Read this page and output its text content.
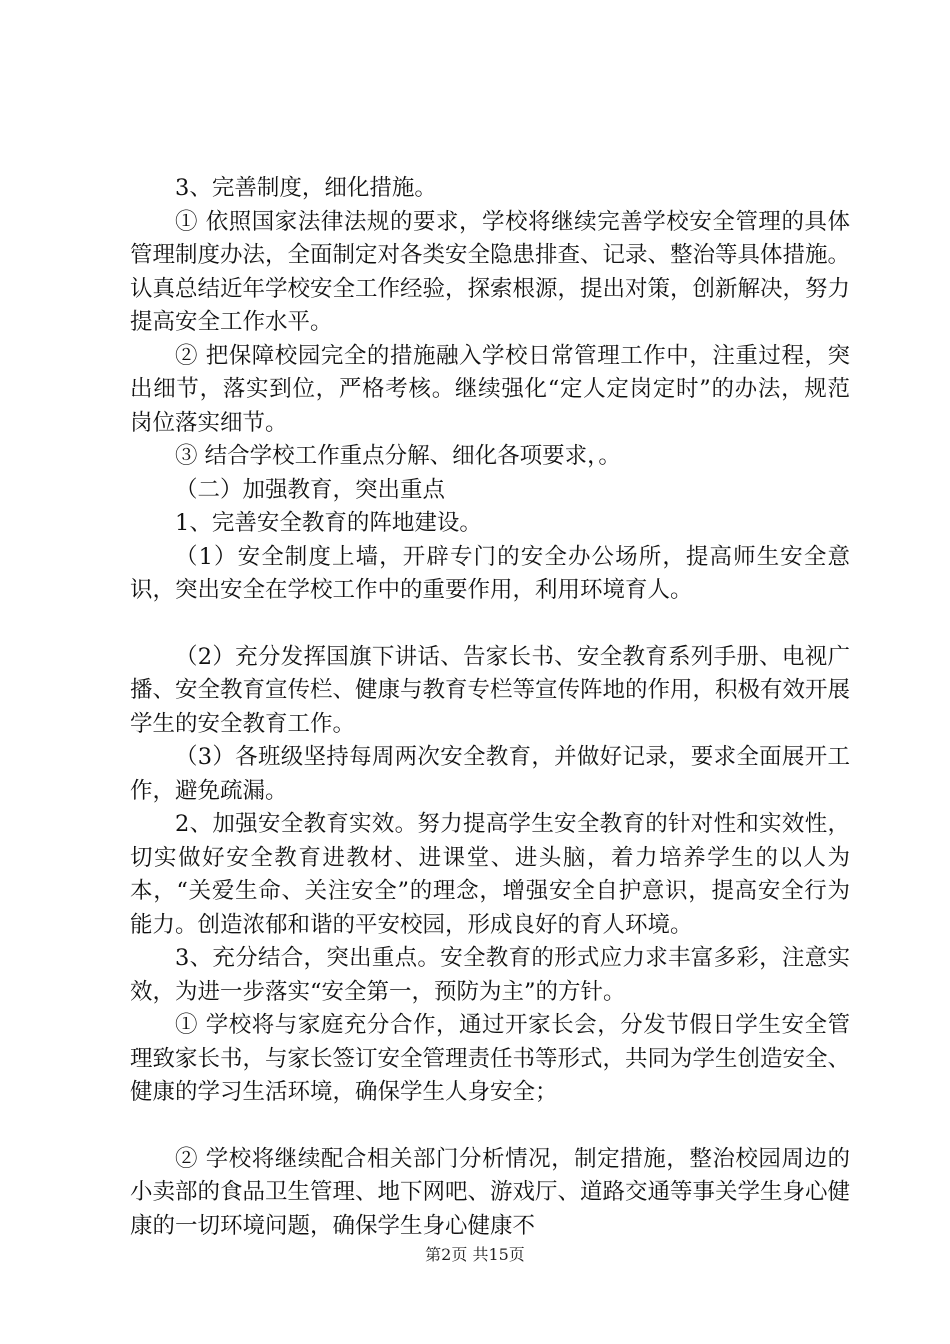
3、完善制度，细化措施。

① 依照国家法律法规的要求，学校将继续完善学校安全管理的具体管理制度办法，全面制定对各类安全隐患排查、记录、整治等具体措施。认真总结近年学校安全工作经验，探索根源，提出对策，创新解决，努力提高安全工作水平。

② 把保障校园完全的措施融入学校日常管理工作中，注重过程，突出细节，落实到位，严格考核。继续强化“定人定岗定时”的办法，规范岗位落实细节。

③ 结合学校工作重点分解、细化各项要求，。

（二）加强教育，突出重点

1、完善安全教育的阵地建设。

（1）安全制度上墙，开辟专门的安全办公场所，提高师生安全意识，突出安全在学校工作中的重要作用，利用环境育人。

（2）充分发挥国旗下讲话、告家长书、安全教育系列手册、电视广播、安全教育宣传栏、健康与教育专栏等宣传阵地的作用，积极有效开展学生的安全教育工作。

（3）各班级坚持每周两次安全教育，并做好记录，要求全面展开工作，避免疏漏。

2、加强安全教育实效。努力提高学生安全教育的针对性和实效性，切实做好安全教育进教材、进课堂、进头脑，着力培养学生的以人为本，“关爱生命、关注安全”的理念，增强安全自护意识，提高安全行为能力。创造浓郁和谐的平安校园，形成良好的育人环境。

3、充分结合，突出重点。安全教育的形式应力求丰富多彩，注意实效，为进一步落实“安全第一，预防为主”的方针。

① 学校将与家庭充分合作，通过开家长会，分发节假日学生安全管理致家长书，与家长签订安全管理责任书等形式，共同为学生创造安全、健康的学习生活环境，确保学生人身安全；

② 学校将继续配合相关部门分析情况，制定措施，整治校园周边的小卖部的食品卫生管理、地下网吧、游戏厅、道路交通等事关学生身心健康的一切环境问题，确保学生身心健康不

第2页 共15页
